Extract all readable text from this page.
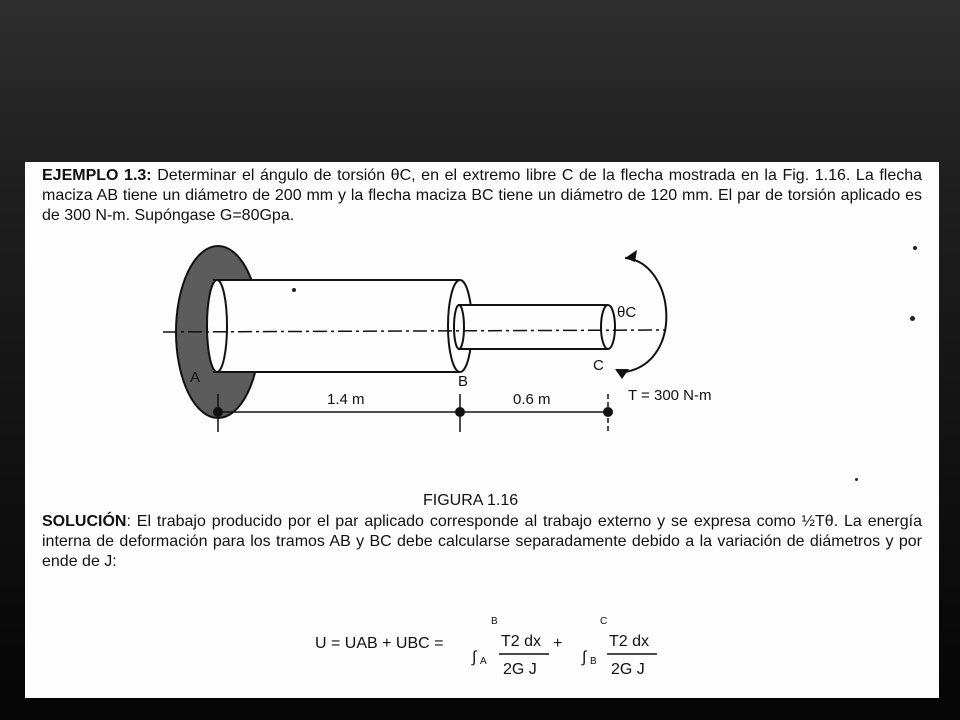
EJEMPLO 1.3: Determinar el ángulo de torsión θC, en el extremo libre C de la flecha mostrada en la Fig. 1.16. La flecha maciza AB tiene un diámetro de 200 mm y la flecha maciza BC tiene un diámetro de 120 mm. El par de torsión aplicado es de 300 N-m. Supóngase G=80Gpa.

A	B
C
θC
1.4 m	0.6 m	T = 300 N-m
FIGURA 1.16

SOLUCIÓN: El trabajo producido por el par aplicado corresponde al trabajo externo y se expresa como ½Tθ. La energía interna de deformación para los tramos AB y BC debe calcularse separadamente debido a la variación de diámetros y por ende de J:

U = UAB + UBC =
∫
B
A
T2 dx
2G J
+
∫
C
B
T2 dx
2G J
